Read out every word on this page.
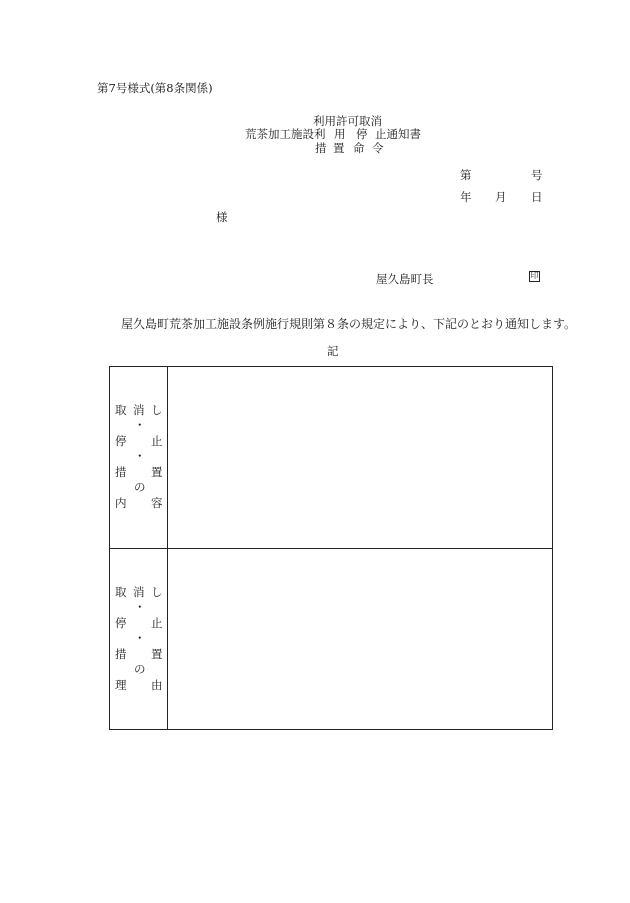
第7号様式(第8条関係)
利用許可取消
荒茶加工施設利 用 停 止通知書
措 置 命 令
第	号
年 月 日
様
屋久島町長	印
屋久島町荒茶加工施設条例施行規則第８条の規定により、下記のとおり通知します。
記
取 消 し
・
停 止
・
措 置
の
内 容
取 消 し
・
停 止
・
措 置
の
理 由
